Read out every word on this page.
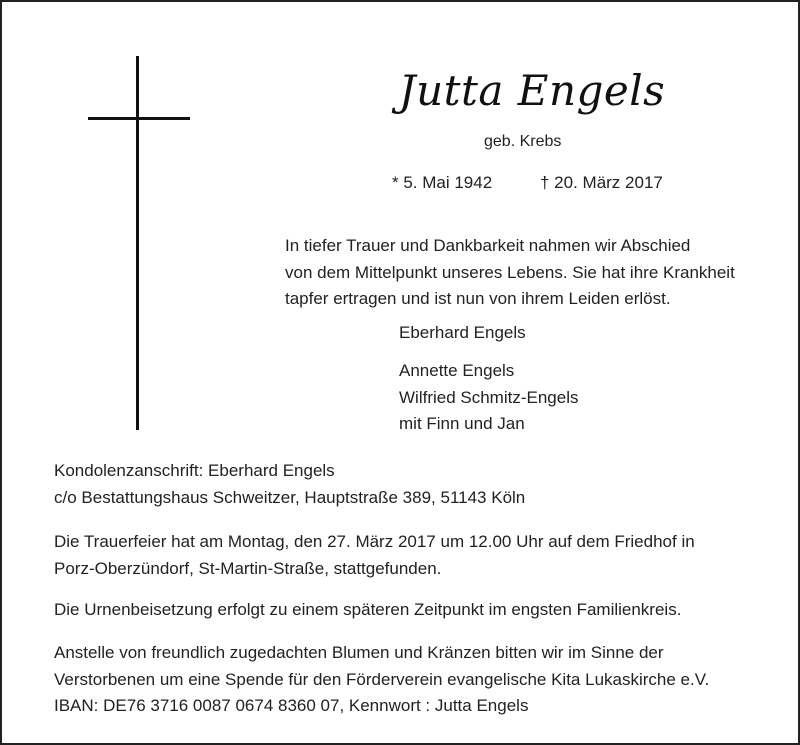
Jutta Engels
geb. Krebs
* 5. Mai 1942	† 20. März 2017
In tiefer Trauer und Dankbarkeit nahmen wir Abschied
von dem Mittelpunkt unseres Lebens. Sie hat ihre Krankheit
tapfer ertragen und ist nun von ihrem Leiden erlöst.
Eberhard Engels
Annette Engels
Wilfried Schmitz-Engels
mit Finn und Jan
Kondolenzanschrift: Eberhard Engels
c/o Bestattungshaus Schweitzer, Hauptstraße 389, 51143 Köln
Die Trauerfeier hat am Montag, den 27. März 2017 um 12.00 Uhr auf dem Friedhof in
Porz-Oberzündorf, St-Martin-Straße, stattgefunden.
Die Urnenbeisetzung erfolgt zu einem späteren Zeitpunkt im engsten Familienkreis.
Anstelle von freundlich zugedachten Blumen und Kränzen bitten wir im Sinne der
Verstorbenen um eine Spende für den Förderverein evangelische Kita Lukaskirche e.V.
IBAN: DE76 3716 0087 0674 8360 07, Kennwort : Jutta Engels
